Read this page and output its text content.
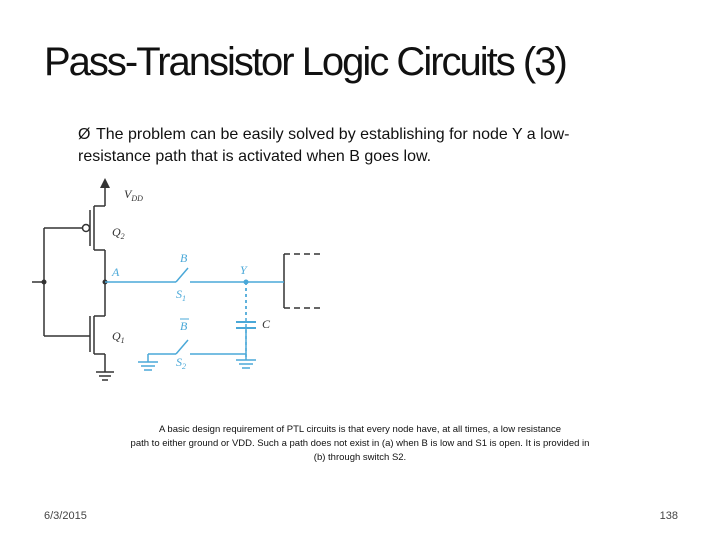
Pass-Transistor Logic Circuits (3)
Ø The problem can be easily solved by establishing for node Y a low-resistance path that is activated when B goes low.
$V_{DD}$
$Q_2$
$Q_1$
A
B
$S_1$
Y
C
B
$S_2$
A basic design requirement of PTL circuits is that every node have, at all times, a low resistance
path to either ground or VDD. Such a path does not exist in (a) when B is low and S1 is open. It is provided in
(b) through switch S2.
6/3/2015	138
